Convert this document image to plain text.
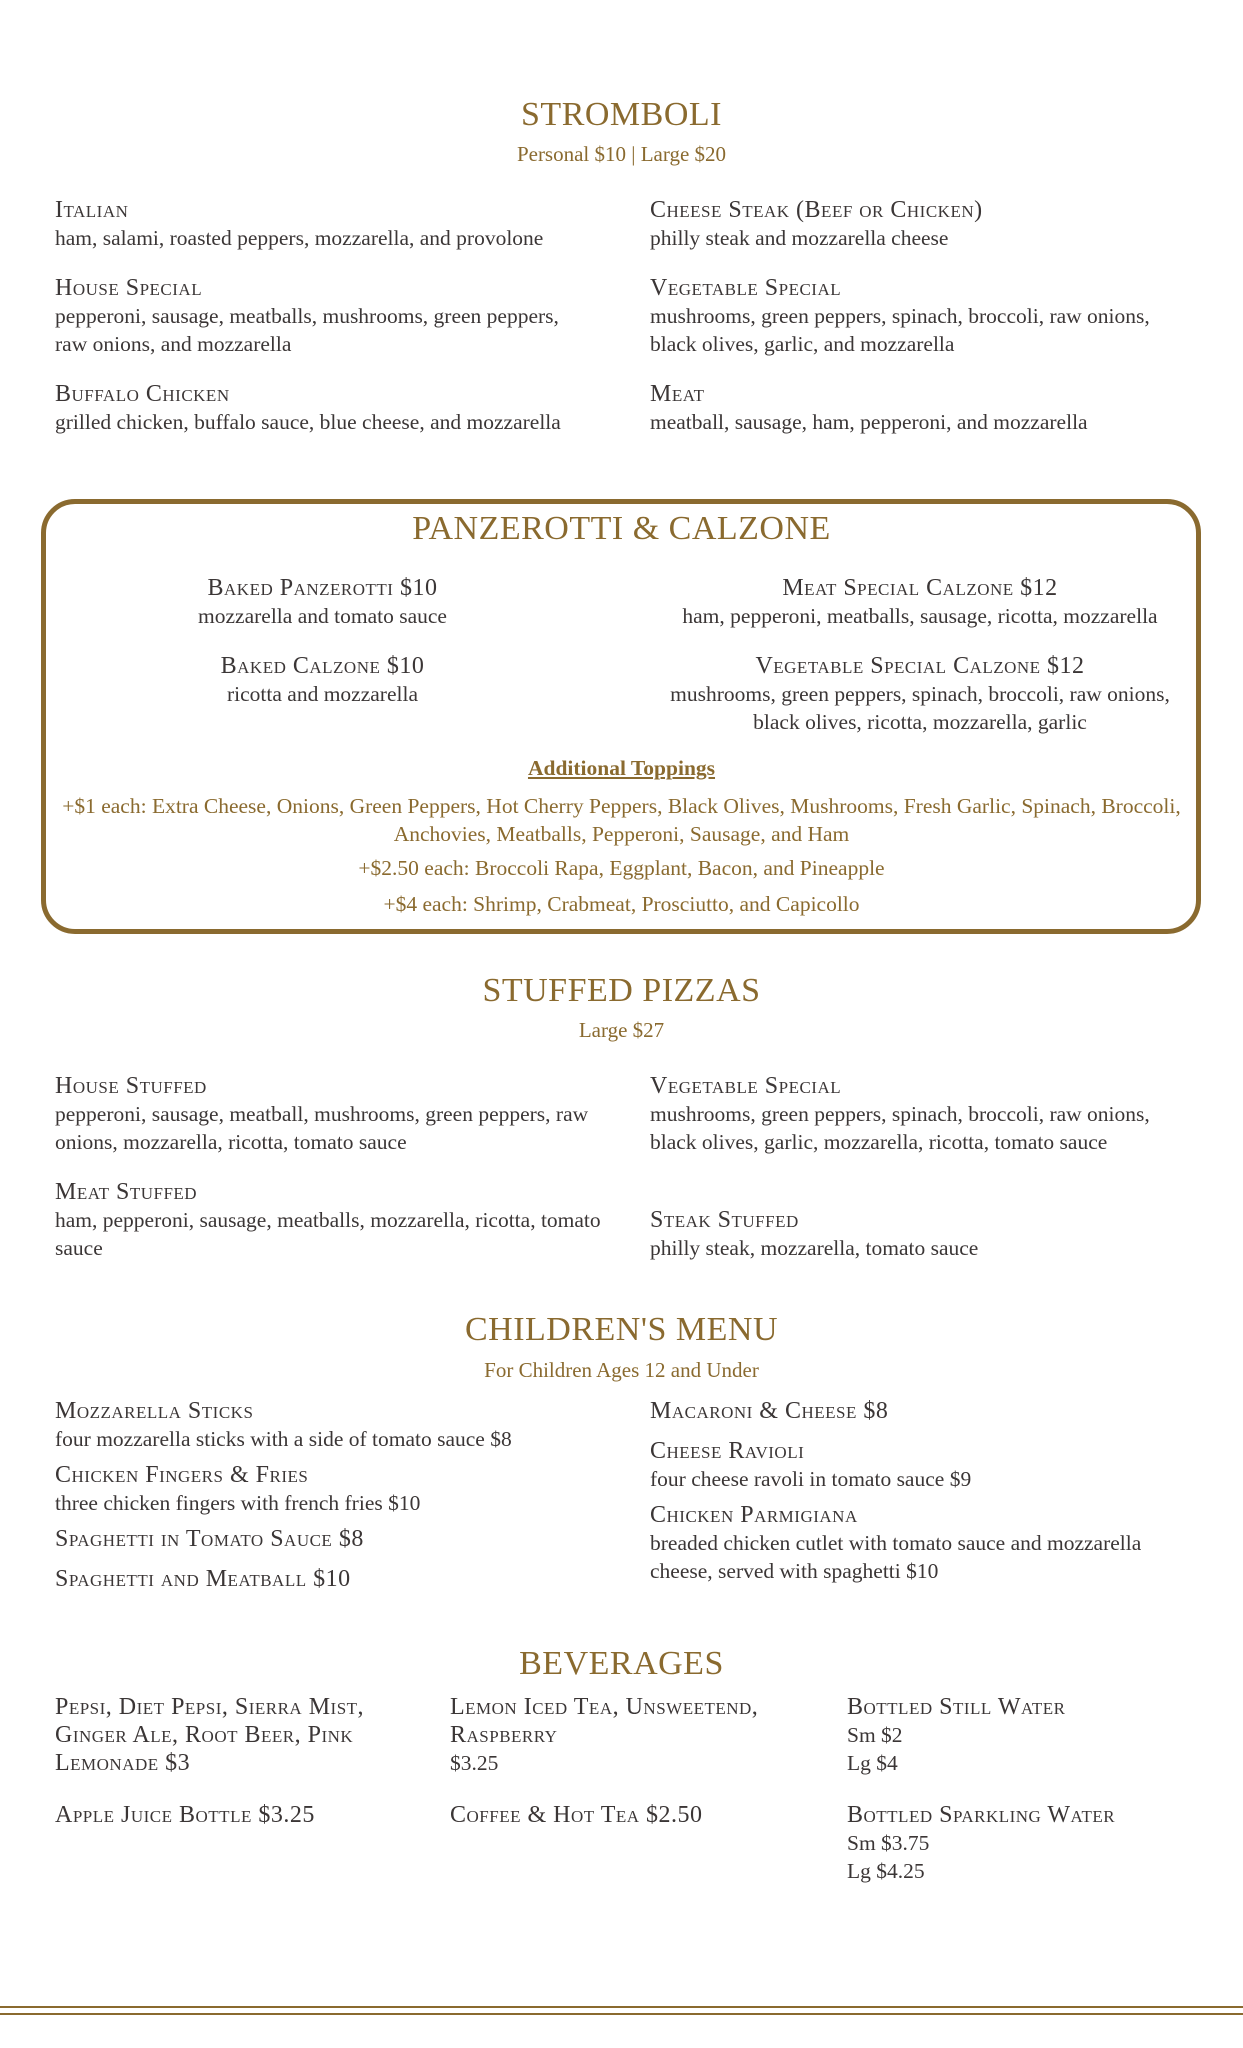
STROMBOLI
Personal $10 | Large $20
Italian
ham, salami, roasted peppers, mozzarella, and provolone
House Special
pepperoni, sausage, meatballs, mushrooms, green peppers, raw onions, and mozzarella
Buffalo Chicken
grilled chicken, buffalo sauce, blue cheese, and mozzarella
Cheese Steak (Beef or Chicken)
philly steak and mozzarella cheese
Vegetable Special
mushrooms, green peppers, spinach, broccoli, raw onions, black olives, garlic, and mozzarella
Meat
meatball, sausage, ham, pepperoni, and mozzarella
PANZEROTTI & CALZONE
Baked Panzerotti $10
mozzarella and tomato sauce
Baked Calzone $10
ricotta and mozzarella
Meat Special Calzone $12
ham, pepperoni, meatballs, sausage, ricotta, mozzarella
Vegetable Special Calzone $12
mushrooms, green peppers, spinach, broccoli, raw onions, black olives, ricotta, mozzarella, garlic
Additional Toppings
+$1 each: Extra Cheese, Onions, Green Peppers, Hot Cherry Peppers, Black Olives, Mushrooms, Fresh Garlic, Spinach, Broccoli, Anchovies, Meatballs, Pepperoni, Sausage, and Ham
+$2.50 each: Broccoli Rapa, Eggplant, Bacon, and Pineapple
+$4 each: Shrimp, Crabmeat, Prosciutto, and Capicollo
STUFFED PIZZAS
Large $27
House Stuffed
pepperoni, sausage, meatball, mushrooms, green peppers, raw onions, mozzarella, ricotta, tomato sauce
Meat Stuffed
ham, pepperoni, sausage, meatballs, mozzarella, ricotta, tomato sauce
Vegetable Special
mushrooms, green peppers, spinach, broccoli, raw onions, black olives, garlic, mozzarella, ricotta, tomato sauce
Steak Stuffed
philly steak, mozzarella, tomato sauce
CHILDREN'S MENU
For Children Ages 12 and Under
Mozzarella Sticks
four mozzarella sticks with a side of tomato sauce $8
Chicken Fingers & Fries
three chicken fingers with french fries $10
Spaghetti in Tomato Sauce $8
Spaghetti and Meatball $10
Macaroni & Cheese $8
Cheese Ravioli
four cheese ravoli in tomato sauce $9
Chicken Parmigiana
breaded chicken cutlet with tomato sauce and mozzarella cheese, served with spaghetti $10
BEVERAGES
Pepsi, Diet Pepsi, Sierra Mist, Ginger Ale, Root Beer, Pink Lemonade $3
Apple Juice Bottle $3.25
Lemon Iced Tea, Unsweetend, Raspberry
$3.25
Coffee & Hot Tea $2.50
Bottled Still Water
Sm $2
Lg $4
Bottled Sparkling Water
Sm $3.75
Lg $4.25
